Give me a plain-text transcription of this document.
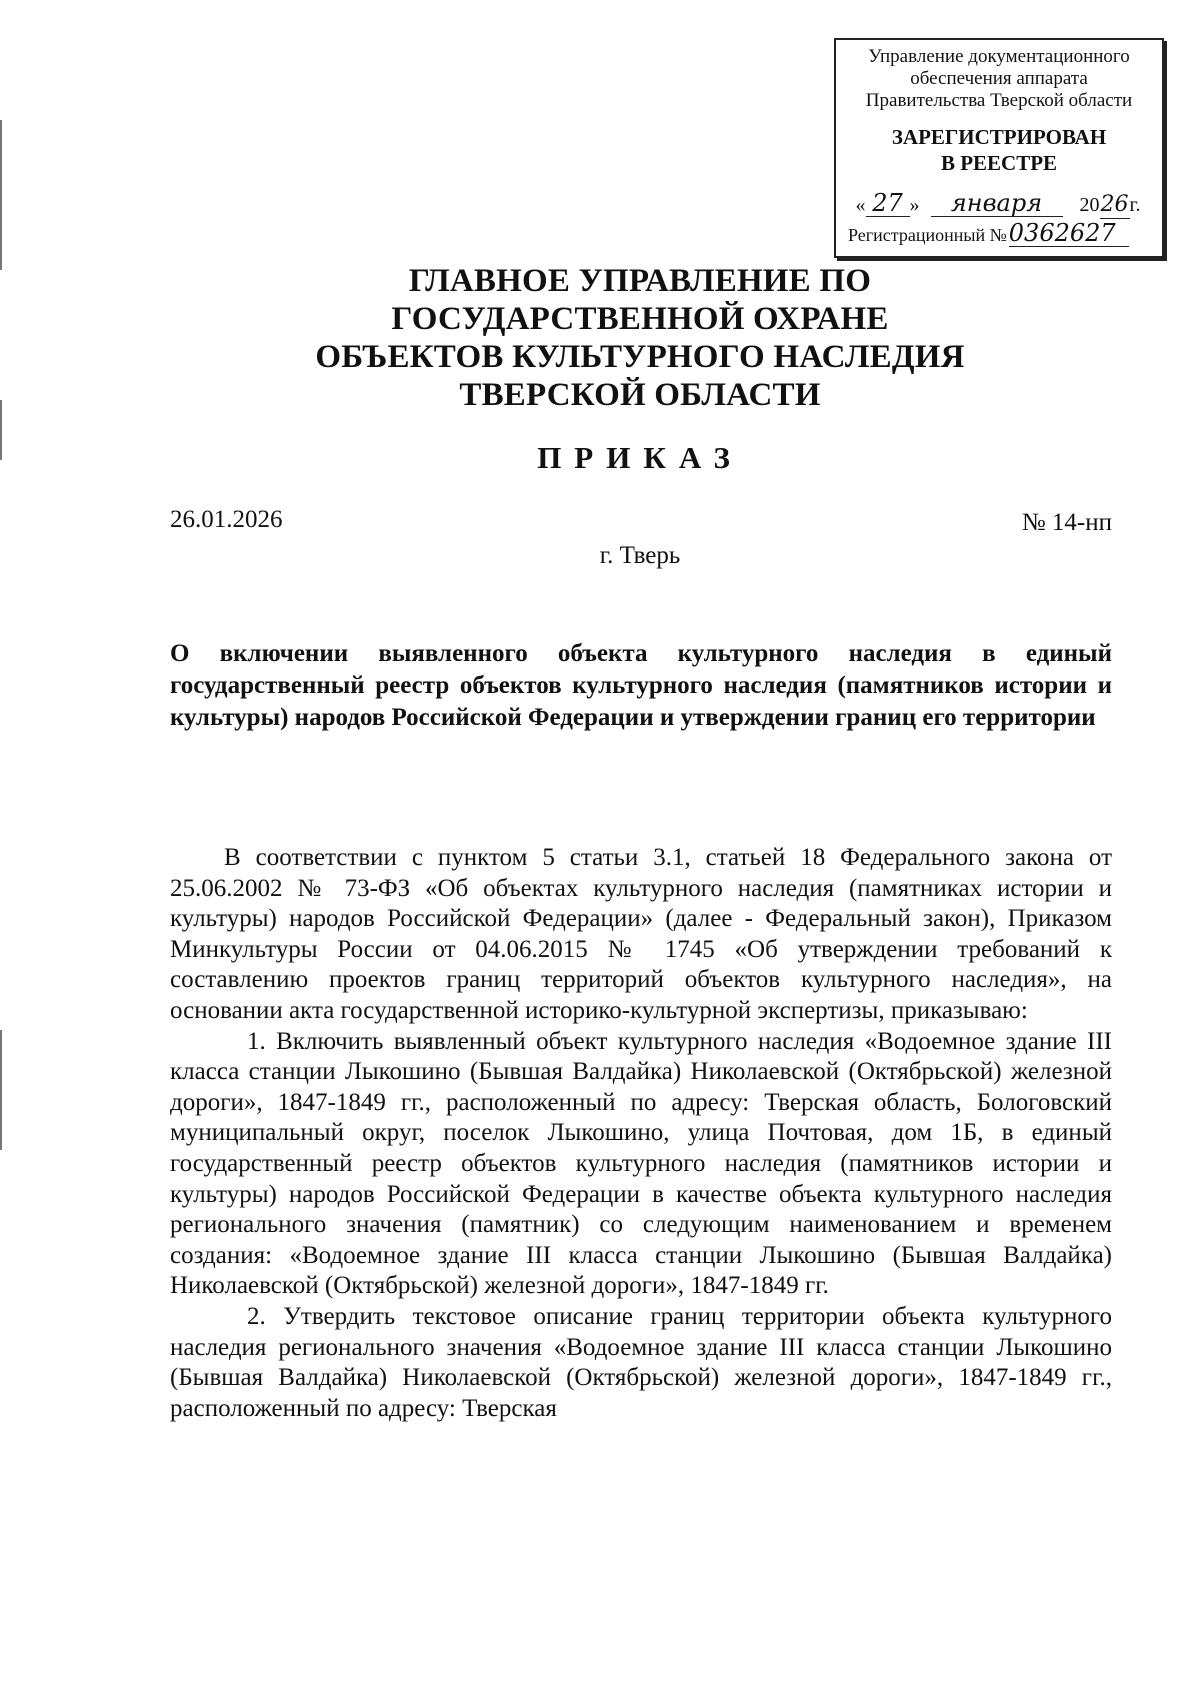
Управление документационного
обеспечения аппарата
Правительства Тверской области
ЗАРЕГИСТРИРОВАН
В РЕЕСТРЕ
« 27 » января 2026г.
Регистрационный №0362627
ГЛАВНОЕ УПРАВЛЕНИЕ ПО
ГОСУДАРСТВЕННОЙ ОХРАНЕ
ОБЪЕКТОВ КУЛЬТУРНОГО НАСЛЕДИЯ
ТВЕРСКОЙ ОБЛАСТИ
ПРИКАЗ
26.01.2026	№ 14-нп
г. Тверь
О включении выявленного объекта культурного наследия в единый государственный реестр объектов культурного наследия (памятников истории и культуры) народов Российской Федерации и утверждении границ его территории

В соответствии с пунктом 5 статьи 3.1, статьей 18 Федерального закона от 25.06.2002 № 73-ФЗ «Об объектах культурного наследия (памятниках истории и культуры) народов Российской Федерации» (далее - Федеральный закон), Приказом Минкультуры России от 04.06.2015 № 1745 «Об утверждении требований к составлению проектов границ территорий объектов культурного наследия», на основании акта государственной историко-культурной экспертизы, приказываю:

1. Включить выявленный объект культурного наследия «Водоемное здание III класса станции Лыкошино (Бывшая Валдайка) Николаевской (Октябрьской) железной дороги», 1847-1849 гг., расположенный по адресу: Тверская область, Бологовский муниципальный округ, поселок Лыкошино, улица Почтовая, дом 1Б, в единый государственный реестр объектов культурного наследия (памятников истории и культуры) народов Российской Федерации в качестве объекта культурного наследия регионального значения (памятник) со следующим наименованием и временем создания: «Водоемное здание III класса станции Лыкошино (Бывшая Валдайка) Николаевской (Октябрьской) железной дороги», 1847-1849 гг.

2. Утвердить текстовое описание границ территории объекта культурного наследия регионального значения «Водоемное здание III класса станции Лыкошино (Бывшая Валдайка) Николаевской (Октябрьской) железной дороги», 1847-1849 гг., расположенный по адресу: Тверская
